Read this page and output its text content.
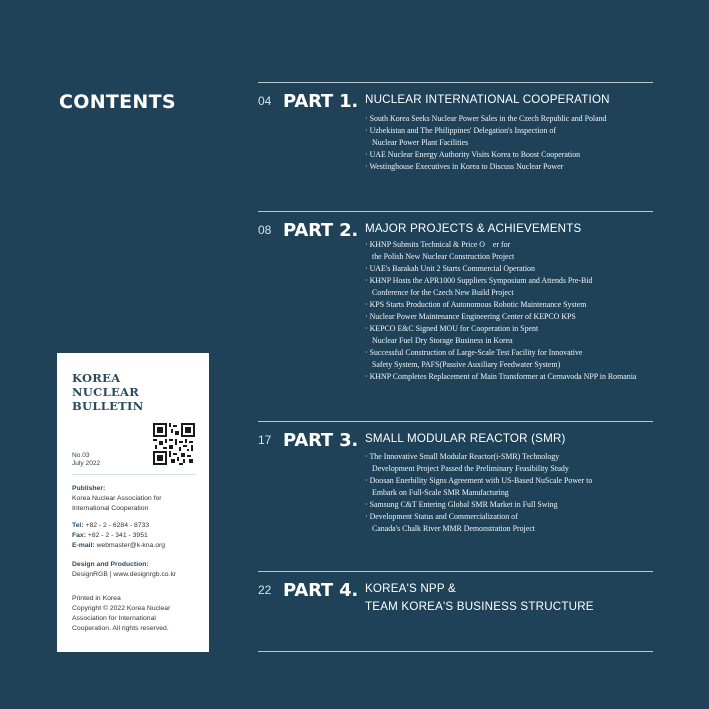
CONTENTS	04 PART 1. NUCLEAR INTERNATIONAL COOPERATION
· South Korea Seeks Nuclear Power Sales in the Czech Republic and Poland
· Uzbekistan and The Philippines' Delegation's Inspection of
Nuclear Power Plant Facilities
· UAE Nuclear Energy Authority Visits Korea to Boost Cooperation
· Westinghouse Executives in Korea to Discuss Nuclear Power
08 PART 2. MAJOR PROJECTS & ACHIEVEMENTS
· KHNP Submits Technical & Price O er for
the Polish New Nuclear Construction Project
· UAE's Barakah Unit 2 Starts Commercial Operation
· KHNP Hosts the APR1000 Suppliers Symposium and Attends Pre-Bid
Conference for the Czech New Build Project
· KPS Starts Production of Autonomous Robotic Maintenance System
· Nuclear Power Maintenance Engineering Center of KEPCO KPS
· KEPCO E&C Signed MOU for Cooperation in Spent
Nuclear Fuel Dry Storage Business in Korea
· Successful Construction of Large-Scale Test Facility for Innovative
Safety System, PAFS(Passive Auxiliary Feedwater System)
· KHNP Completes Replacement of Main Transformer at Cernavoda NPP in Romania
17 PART 3. SMALL MODULAR REACTOR (SMR)
· The Innovative Small Modular Reactor(i-SMR) Technology
Development Project Passed the Preliminary Feasibility Study
· Doosan Enerbility Signs Agreement with US-Based NuScale Power to
Embark on Full-Scale SMR Manufacturing
· Samsung C&T Entering Global SMR Market in Full Swing
· Development Status and Commercialization of
Canada's Chalk River MMR Demonstration Project
22 PART 4. KOREA'S NPP &
TEAM KOREA'S BUSINESS STRUCTURE
KOREA
NUCLEAR
BULLETIN
No.03
July 2022
Publisher:
Korea Nuclear Association for
International Cooperation
Tel: +82 - 2 - 6284 - 8733
Fax: +82 - 2 - 341 - 3951
E-mail: webmaster@k-kna.org
Design and Production:
DesignRGB | www.designrgb.co.kr
Printed in Korea
Copyright © 2022 Korea Nuclear
Association for International
Cooperation. All rights reserved.
